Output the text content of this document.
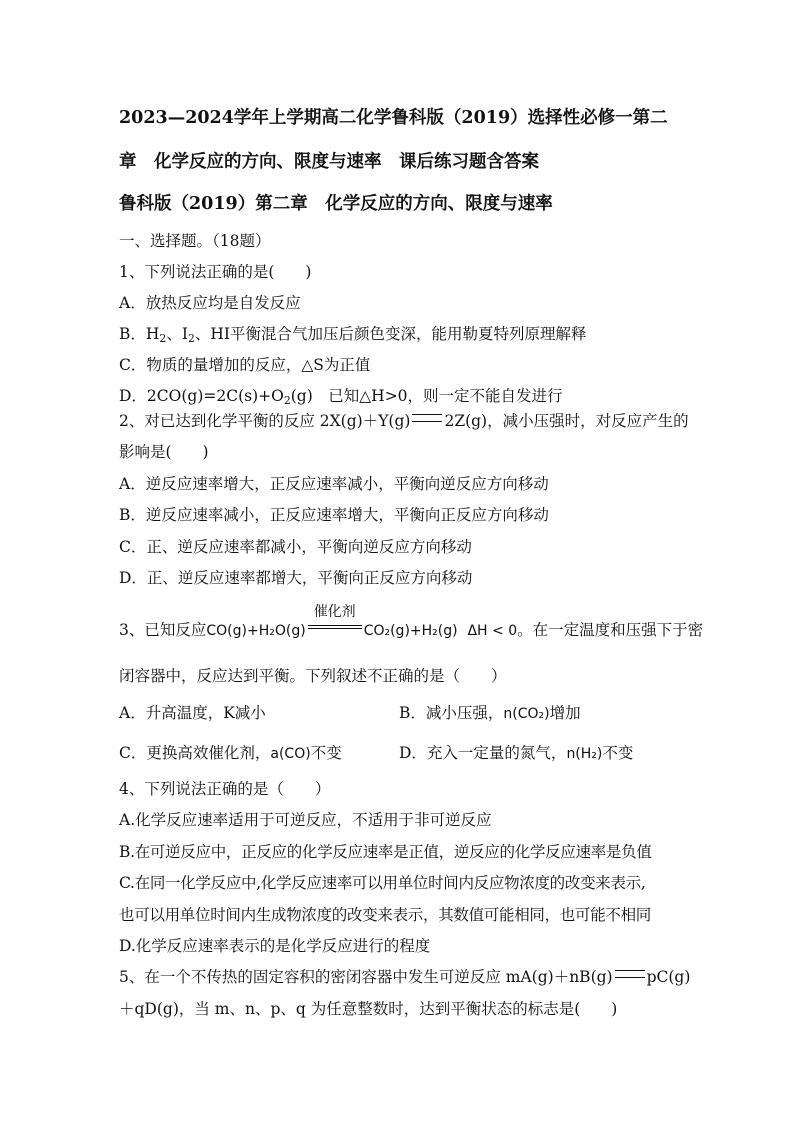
2023—2024学年上学期高二化学鲁科版（2019）选择性必修一第二
章　化学反应的方向、限度与速率　课后练习题含答案
鲁科版（2019）第二章　化学反应的方向、限度与速率
一、选择题。（18题）
1、下列说法正确的是(　　)
A．放热反应均是自发反应
B．$H_2$、$I_2$、HI平衡混合气加压后颜色变深，能用勒夏特列原理解释
C．物质的量增加的反应，△S为正值
D．$2CO(g)=2C(s)+O_2(g)$　已知△H>0，则一定不能自发进行
2、对已达到化学平衡的反应 2X(g)＋Y(g) 2Z(g)，减小压强时，对反应产生的
影响是(　　)
A．逆反应速率增大，正反应速率减小，平衡向逆反应方向移动
B．逆反应速率减小，正反应速率增大，平衡向正反应方向移动
C．正、逆反应速率都减小，平衡向逆反应方向移动
D．正、逆反应速率都增大，平衡向正反应方向移动
3、已知反应CO(g)+H₂O(g)
催化剂
CO₂(g)+H₂(g) ΔH < 0。在一定温度和压强下于密
闭容器中，反应达到平衡。下列叙述不正确的是（　　）
A．升高温度，K减小	B．减小压强，n(CO₂)增加
C．更换高效催化剂，a(CO)不变	D．充入一定量的氮气，n(H₂)不变
4、下列说法正确的是（　　）
A.化学反应速率适用于可逆反应，不适用于非可逆反应
B.在可逆反应中，正反应的化学反应速率是正值，逆反应的化学反应速率是负值
C.在同一化学反应中,化学反应速率可以用单位时间内反应物浓度的改变来表示,
也可以用单位时间内生成物浓度的改变来表示，其数值可能相同，也可能不相同
D.化学反应速率表示的是化学反应进行的程度
5、在一个不传热的固定容积的密闭容器中发生可逆反应 mA(g)＋nB(g) pC(g)
＋qD(g)，当 m、n、p、q 为任意整数时，达到平衡状态的标志是(　　)
